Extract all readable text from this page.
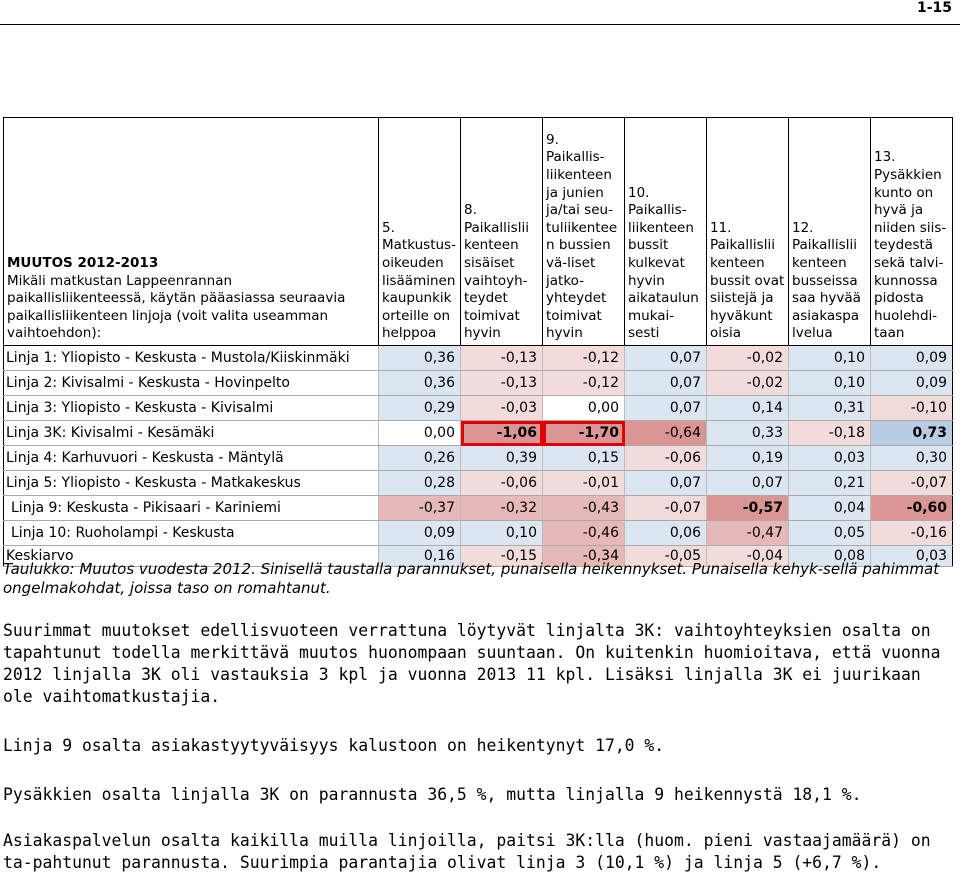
1-15
MUUTOS 2012-2013
Mikäli matkustan Lappeenrannan paikallisliikenteessä, käytän pääasiassa seuraavia paikallisliikenteen linjoja (voit valita useamman vaihtoehdon):	5. Matkustus-oikeuden lisääminen kaupunkik orteille on helppoa	8. Paikallislii kenteen sisäiset vaihtoyh-teydet toimivat hyvin	9. Paikallis-liikenteen ja junien ja/tai seu-tuliikentee n bussien vä-liset jatko-yhteydet toimivat hyvin	10. Paikallis-liikenteen bussit kulkevat hyvin aikataulun mukai-sesti	11. Paikallislii kenteen bussit ovat siistejä ja hyväkunt oisia	12. Paikallislii kenteen busseissa saa hyvää asiakaspa lvelua	13. Pysäkkien kunto on hyvä ja niiden siis-teydestä sekä talvi-kunnossa pidosta huolehdi-taan
Linja 1: Yliopisto - Keskusta - Mustola/Kiiskinmäki	0,36	-0,13	-0,12	0,07	-0,02	0,10	0,09
Linja 2: Kivisalmi - Keskusta - Hovinpelto	0,36	-0,13	-0,12	0,07	-0,02	0,10	0,09
Linja 3: Yliopisto - Keskusta - Kivisalmi	0,29	-0,03	0,00	0,07	0,14	0,31	-0,10
Linja 3K: Kivisalmi - Kesämäki	0,00	-1,06	-1,70	-0,64	0,33	-0,18	0,73
Linja 4: Karhuvuori - Keskusta - Mäntylä	0,26	0,39	0,15	-0,06	0,19	0,03	0,30
Linja 5: Yliopisto - Keskusta - Matkakeskus	0,28	-0,06	-0,01	0,07	0,07	0,21	-0,07
Linja 9: Keskusta - Pikisaari - Kariniemi	-0,37	-0,32	-0,43	-0,07	-0,57	0,04	-0,60
Linja 10: Ruoholampi - Keskusta	0,09	0,10	-0,46	0,06	-0,47	0,05	-0,16
Keskiarvo	0,16	-0,15	-0,34	-0,05	-0,04	0,08	0,03
Taulukko: Muutos vuodesta 2012. Sinisellä taustalla parannukset, punaisella heikennykset. Punaisella kehyk-sellä pahimmat ongelmakohdat, joissa taso on romahtanut.
Suurimmat muutokset edellisvuoteen verrattuna löytyvät linjalta 3K: vaihtoyhteyksien osalta on tapahtunut todella merkittävä muutos huonompaan suuntaan. On kuitenkin huomioitava, että vuonna 2012 linjalla 3K oli vastauksia 3 kpl ja vuonna 2013 11 kpl. Lisäksi linjalla 3K ei juurikaan ole vaihtomatkustajia.
Linja 9 osalta asiakastyytyväisyys kalustoon on heikentynyt 17,0 %.
Pysäkkien osalta linjalla 3K on parannusta 36,5 %, mutta linjalla 9 heikennystä 18,1 %.
Asiakaspalvelun osalta kaikilla muilla linjoilla, paitsi 3K:lla (huom. pieni vastaajamäärä) on ta-pahtunut parannusta. Suurimpia parantajia olivat linja 3 (10,1 %) ja linja 5 (+6,7 %).
